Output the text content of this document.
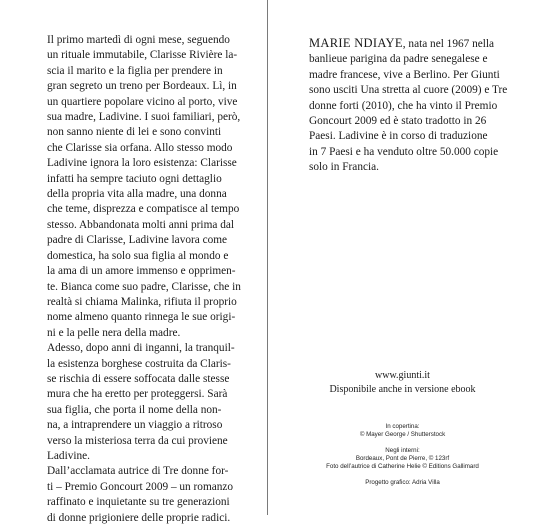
Il primo martedì di ogni mese, seguendo
un rituale immutabile, Clarisse Rivière la-
scia il marito e la figlia per prendere in
gran segreto un treno per Bordeaux. Lì, in
un quartiere popolare vicino al porto, vive
sua madre, Ladivine. I suoi familiari, però,
non sanno niente di lei e sono convinti
che Clarisse sia orfana. Allo stesso modo
Ladivine ignora la loro esistenza: Clarisse
infatti ha sempre taciuto ogni dettaglio
della propria vita alla madre, una donna
che teme, disprezza e compatisce al tempo
stesso. Abbandonata molti anni prima dal
padre di Clarisse, Ladivine lavora come
domestica, ha solo sua figlia al mondo e
la ama di un amore immenso e opprimen-
te. Bianca come suo padre, Clarisse, che in
realtà si chiama Malinka, rifiuta il proprio
nome almeno quanto rinnega le sue origi-
ni e la pelle nera della madre.
Adesso, dopo anni di inganni, la tranquil-
la esistenza borghese costruita da Claris-
se rischia di essere soffocata dalle stesse
mura che ha eretto per proteggersi. Sarà
sua figlia, che porta il nome della non-
na, a intraprendere un viaggio a ritroso
verso la misteriosa terra da cui proviene
Ladivine.
Dall’acclamata autrice di Tre donne for-
ti – Premio Goncourt 2009 – un romanzo
raffinato e inquietante su tre generazioni
di donne prigioniere delle proprie radici.

MARIE NDIAYE, nata nel 1967 nella
banlieue parigina da padre senegalese e
madre francese, vive a Berlino. Per Giunti
sono usciti Una stretta al cuore (2009) e Tre
donne forti (2010), che ha vinto il Premio
Goncourt 2009 ed è stato tradotto in 26
Paesi. Ladivine è in corso di traduzione
in 7 Paesi e ha venduto oltre 50.000 copie
solo in Francia.

www.giunti.it
Disponibile anche in versione ebook
In copertina:
© Mayer George / Shutterstock
Negli interni:
Bordeaux, Pont de Pierre, © 123rf
Foto dell’autrice di Catherine Helie © Editions Gallimard
Progetto grafico: Adria Villa
